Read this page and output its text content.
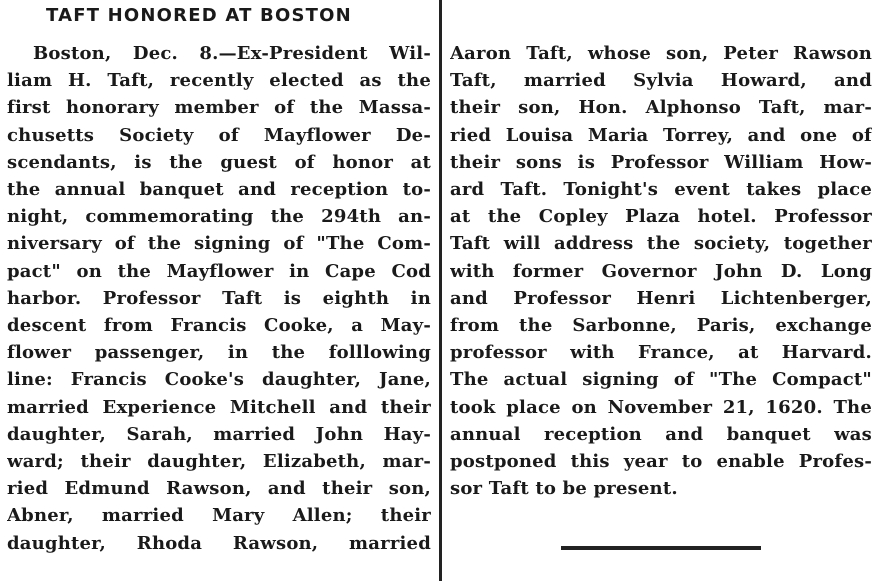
TAFT HONORED AT BOSTON
Boston, Dec. 8.—Ex-President Wil-
liam H. Taft, recently elected as the
first honorary member of the Massa-
chusetts Society of Mayflower De-
scendants, is the guest of honor at
the annual banquet and reception to-
night, commemorating the 294th an-
niversary of the signing of "The Com-
pact" on the Mayflower in Cape Cod
harbor. Professor Taft is eighth in
descent from Francis Cooke, a May-
flower passenger, in the folllowing
line: Francis Cooke's daughter, Jane,
married Experience Mitchell and their
daughter, Sarah, married John Hay-
ward; their daughter, Elizabeth, mar-
ried Edmund Rawson, and their son,
Abner, married Mary Allen; their
daughter, Rhoda Rawson, married
Aaron Taft, whose son, Peter Rawson
Taft, married Sylvia Howard, and
their son, Hon. Alphonso Taft, mar-
ried Louisa Maria Torrey, and one of
their sons is Professor William How-
ard Taft. Tonight's event takes place
at the Copley Plaza hotel. Professor
Taft will address the society, together
with former Governor John D. Long
and Professor Henri Lichtenberger,
from the Sarbonne, Paris, exchange
professor with France, at Harvard.
The actual signing of "The Compact"
took place on November 21, 1620. The
annual reception and banquet was
postponed this year to enable Profes-
sor Taft to be present.
